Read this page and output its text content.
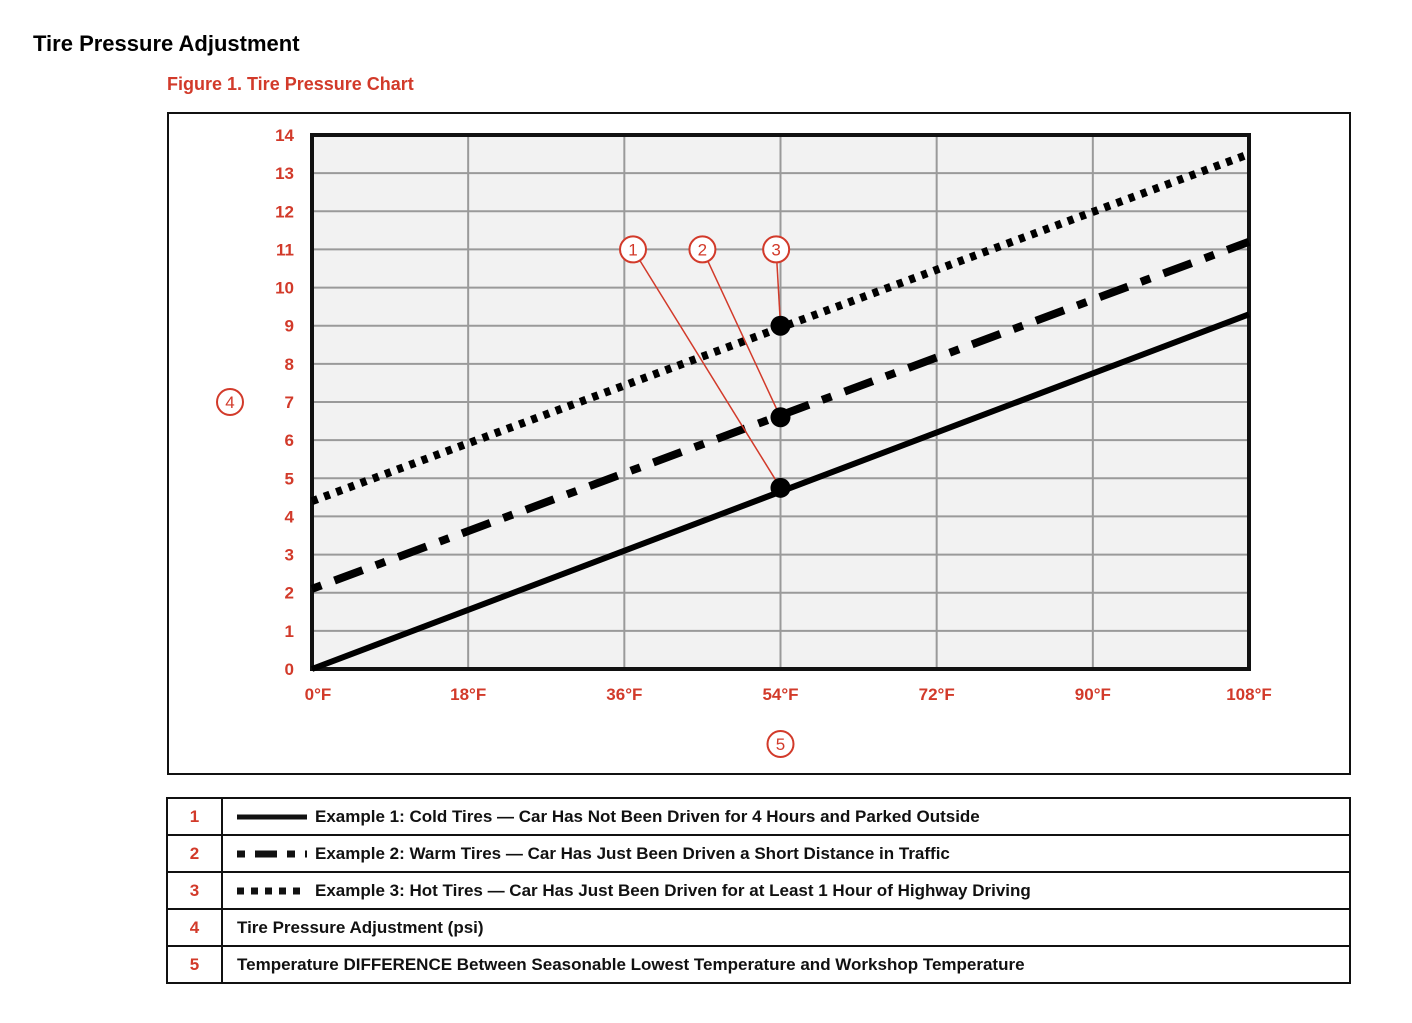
Tire Pressure Adjustment
Figure 1. Tire Pressure Chart
0
1
2
3
4
5
6
7
8
9
10
11
12
13
14
0°F	18°F	36°F	54°F	72°F	90°F	108°F
1	2	3
4
5
1	Example 1: Cold Tires — Car Has Not Been Driven for 4 Hours and Parked Outside
2	Example 2: Warm Tires — Car Has Just Been Driven a Short Distance in Traffic
3	Example 3: Hot Tires — Car Has Just Been Driven for at Least 1 Hour of Highway Driving
4	Tire Pressure Adjustment (psi)
5	Temperature DIFFERENCE Between Seasonable Lowest Temperature and Workshop Temperature
